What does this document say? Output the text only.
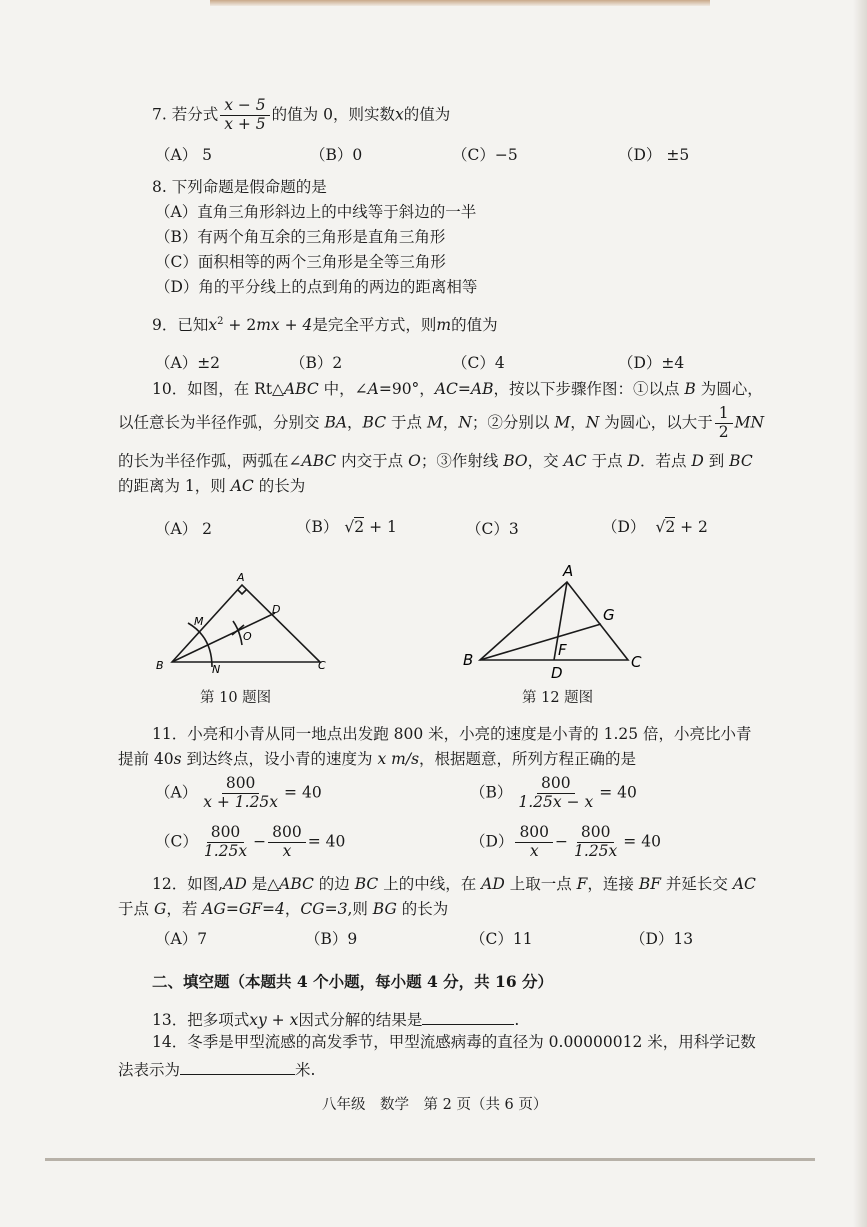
7. 若分式 $\frac{x - 5}{x + 5}$ 的值为 0，则实数x的值为
（A） 5	（B）0	（C）−5	（D） ±5
8. 下列命题是假命题的是
（A）直角三角形斜边上的中线等于斜边的一半
（B）有两个角互余的三角形是直角三角形
（C）面积相等的两个三角形是全等三角形
（D）角的平分线上的点到角的两边的距离相等
9．已知$x^2 + 2mx + 4$是完全平方式，则m的值为
（A）±2	（B）2	（C）4	（D）±4
10．如图，在 Rt△ABC 中，∠A=90°，AC=AB，按以下步骤作图：①以点 B 为圆心，
以任意长为半径作弧，分别交 BA，BC 于点 M，N；②分别以 M，N 为圆心，以大于 $\frac{1}{2}$ MN
的长为半径作弧，两弧在∠ABC 内交于点 O；③作射线 BO，交 AC 于点 D．若点 D 到 BC
的距离为 1，则 AC 的长为
（A） 2	（B） √2 + 1	（C）3	（D） √2 + 2
A
B	C
D
M
N
O
第 10 题图
A
B	C
D
F
G
第 12 题图
11．小亮和小青从同一地点出发跑 800 米，小亮的速度是小青的 1.25 倍，小亮比小青
提前 40s 到达终点，设小青的速度为 x m/s，根据题意，所列方程正确的是
$(A) \frac{800}{x + 1.25x} = 40$	$(B) \frac{800}{1.25x - x} = 40$
$(C) \frac{800}{1.25x} - \frac{800}{x} = 40$	$(D) \frac{800}{x} - \frac{800}{1.25x} = 40$
12．如图,AD 是△ABC 的边 BC 上的中线，在 AD 上取一点 F，连接 BF 并延长交 AC
于点 G，若 AG=GF=4，CG=3,则 BG 的长为
（A）7	（B）9	（C）11	（D）13
二、填空题（本题共 4 个小题，每小题 4 分，共 16 分）
13．把多项式xy + x因式分解的结果是	.
14．冬季是甲型流感的高发季节，甲型流感病毒的直径为 0.00000012 米，用科学记数
法表示为	米.
八年级　数学　第 2 页（共 6 页）
